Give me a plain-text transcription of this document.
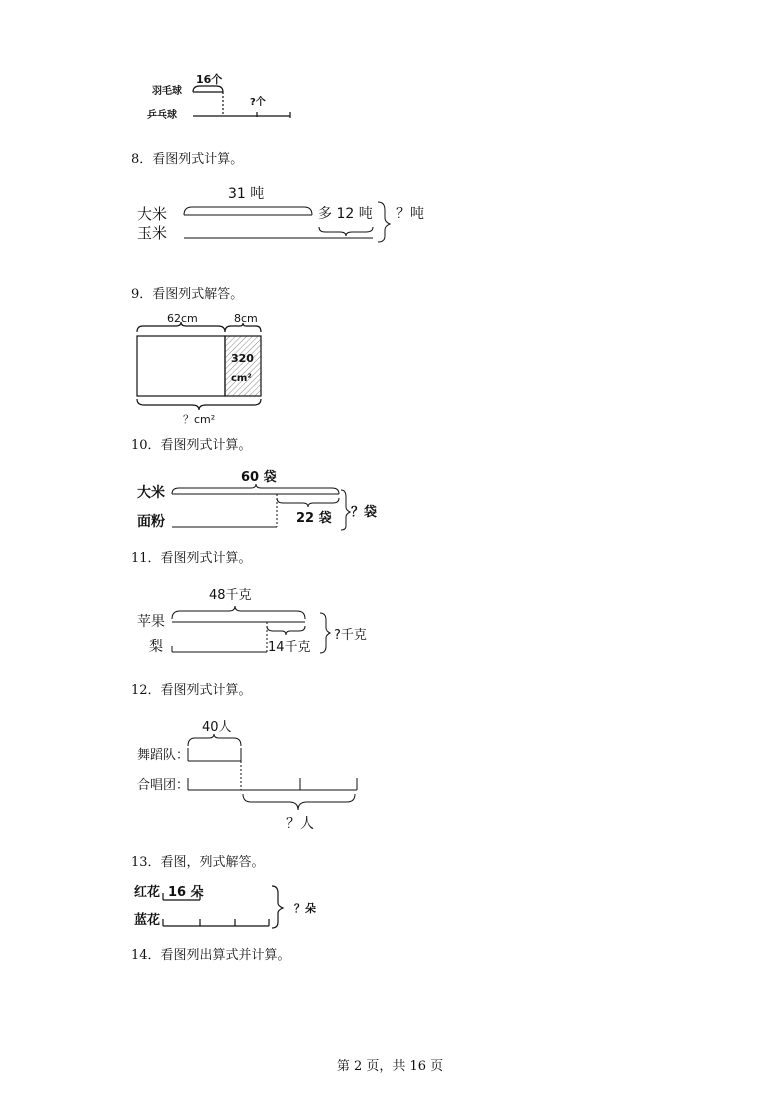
8．看图列式计算。
9．看图列式解答。
10．看图列式计算。
11．看图列式计算。
12．看图列式计算。
13．看图，列式解答。
14．看图列出算式并计算。
羽毛球
乒乓球
16个
?个
大米
玉米
31 吨
多 12 吨 ？吨
62cm	8cm
320
cm²
？cm²
大米
面粉
60 袋
22 袋 ？袋
苹果
梨
48千克
14千克
?千克
舞蹈队：
合唱团：
40人
？人
红花
蓝花
16 朵
？朵
第 2 页，共 16 页
